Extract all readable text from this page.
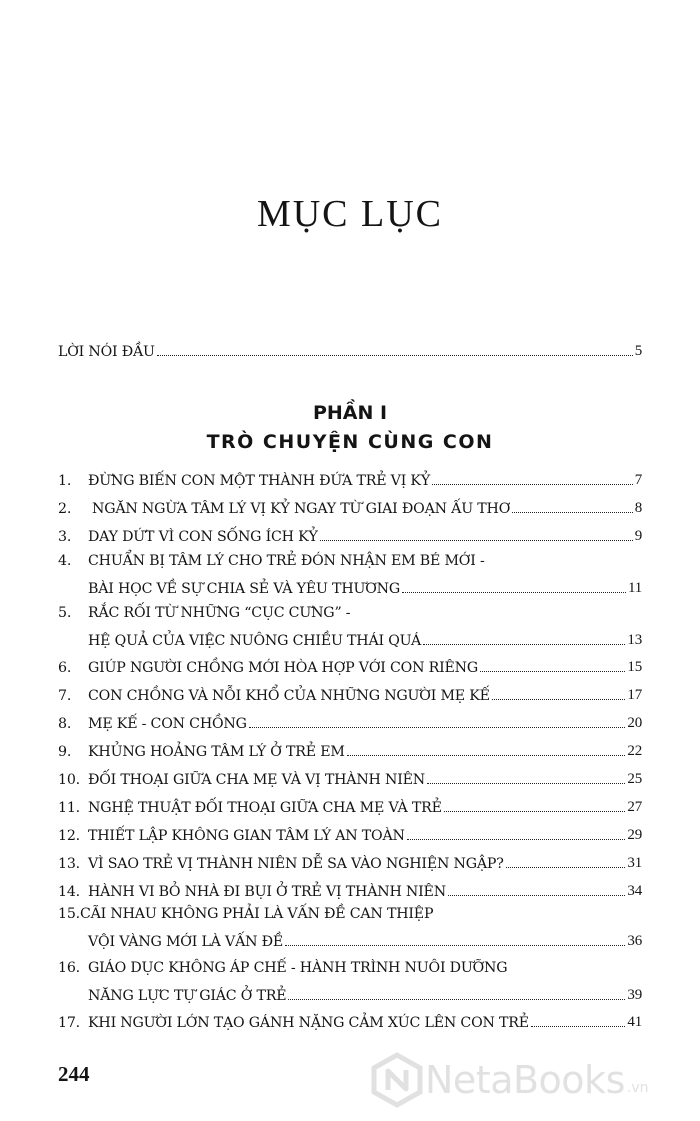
MỤC LỤC
LỜI NÓI ĐẦU	5
PHẦN I
TRÒ CHUYỆN CÙNG CON
1.	ĐỪNG BIẾN CON MỘT THÀNH ĐỨA TRẺ VỊ KỶ	7
2.	NGĂN NGỪA TÂM LÝ VỊ KỶ NGAY TỪ GIAI ĐOẠN ẤU THƠ	8
3.	DAY DỨT VÌ CON SỐNG ÍCH KỶ	9
4. CHUẨN BỊ TÂM LÝ CHO TRẺ ĐÓN NHẬN EM BÉ MỚI -
BÀI HỌC VỀ SỰ CHIA SẺ VÀ YÊU THƯƠNG	11
5. RẮC RỐI TỪ NHỮNG “CỤC CƯNG” -
HỆ QUẢ CỦA VIỆC NUÔNG CHIỀU THÁI QUÁ	13
6.	GIÚP NGƯỜI CHỒNG MỚI HÒA HỢP VỚI CON RIÊNG	15
7.	CON CHỒNG VÀ NỖI KHỔ CỦA NHỮNG NGƯỜI MẸ KẾ	17
8.	MẸ KẾ - CON CHỒNG	20
9.	KHỦNG HOẢNG TÂM LÝ Ở TRẺ EM	22
10. ĐỐI THOẠI GIỮA CHA MẸ VÀ VỊ THÀNH NIÊN	25
11. NGHỆ THUẬT ĐỐI THOẠI GIỮA CHA MẸ VÀ TRẺ	27
12. THIẾT LẬP KHÔNG GIAN TÂM LÝ AN TOÀN	29
13. VÌ SAO TRẺ VỊ THÀNH NIÊN DỄ SA VÀO NGHIỆN NGẬP?	31
14. HÀNH VI BỎ NHÀ ĐI BỤI Ở TRẺ VỊ THÀNH NIÊN	34
15.CÃI NHAU KHÔNG PHẢI LÀ VẤN ĐỀ CAN THIỆP
VỘI VÀNG MỚI LÀ VẤN ĐỀ	36
16. GIÁO DỤC KHÔNG ÁP CHẾ - HÀNH TRÌNH NUÔI DƯỠNG
NĂNG LỰC TỰ GIÁC Ở TRẺ	39
17. KHI NGƯỜI LỚN TẠO GÁNH NẶNG CẢM XÚC LÊN CON TRẺ	41
244	NetaBooks .vn
